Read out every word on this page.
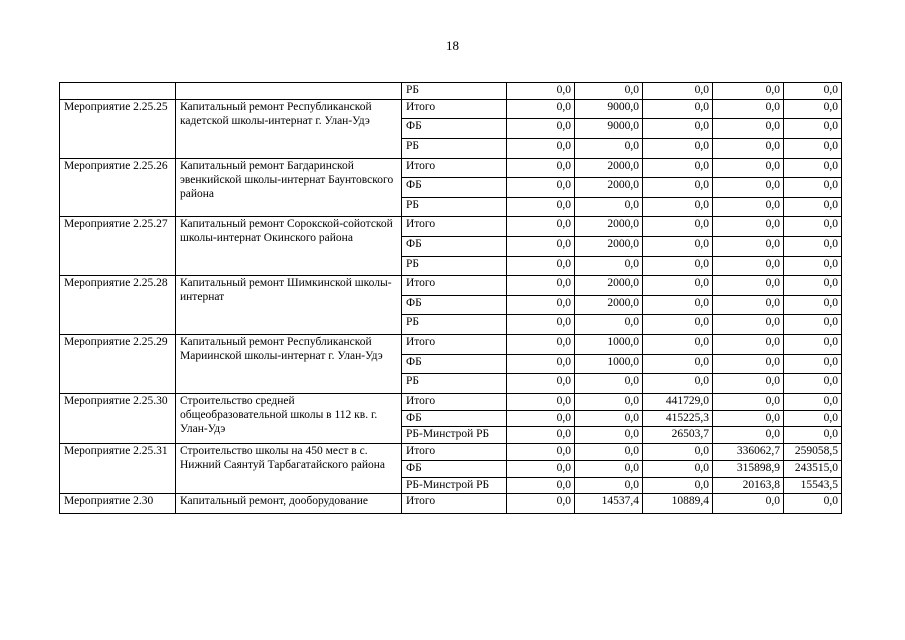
18
		РБ	0,0	0,0	0,0	0,0	0,0
Мероприятие 2.25.25	Капитальный ремонт Республиканской кадетской школы-интернат г. Улан-Удэ	Итого	0,0	9000,0	0,0	0,0	0,0
		ФБ	0,0	9000,0	0,0	0,0	0,0
		РБ	0,0	0,0	0,0	0,0	0,0
Мероприятие 2.25.26	Капитальный ремонт Багдаринской эвенкийской школы-интернат Баунтовского района	Итого	0,0	2000,0	0,0	0,0	0,0
		ФБ	0,0	2000,0	0,0	0,0	0,0
		РБ	0,0	0,0	0,0	0,0	0,0
Мероприятие 2.25.27	Капитальный ремонт Сорокской-сойотской школы-интернат Окинского района	Итого	0,0	2000,0	0,0	0,0	0,0
		ФБ	0,0	2000,0	0,0	0,0	0,0
		РБ	0,0	0,0	0,0	0,0	0,0
Мероприятие 2.25.28	Капитальный ремонт Шимкинской школы-интернат	Итого	0,0	2000,0	0,0	0,0	0,0
		ФБ	0,0	2000,0	0,0	0,0	0,0
		РБ	0,0	0,0	0,0	0,0	0,0
Мероприятие 2.25.29	Капитальный ремонт Республиканской Мариинской школы-интернат г. Улан-Удэ	Итого	0,0	1000,0	0,0	0,0	0,0
		ФБ	0,0	1000,0	0,0	0,0	0,0
		РБ	0,0	0,0	0,0	0,0	0,0
Мероприятие 2.25.30	Строительство средней общеобразовательной школы в 112 кв. г. Улан-Удэ	Итого	0,0	0,0	441729,0	0,0	0,0
		ФБ	0,0	0,0	415225,3	0,0	0,0
		РБ-Минстрой РБ	0,0	0,0	26503,7	0,0	0,0
Мероприятие 2.25.31	Строительство школы на 450 мест в с. Нижний Саянтуй Тарбагатайского района	Итого	0,0	0,0	0,0	336062,7	259058,5
		ФБ	0,0	0,0	0,0	315898,9	243515,0
		РБ-Минстрой РБ	0,0	0,0	0,0	20163,8	15543,5
Мероприятие 2.30	Капитальный ремонт, дооборудование	Итого	0,0	14537,4	10889,4	0,0	0,0
